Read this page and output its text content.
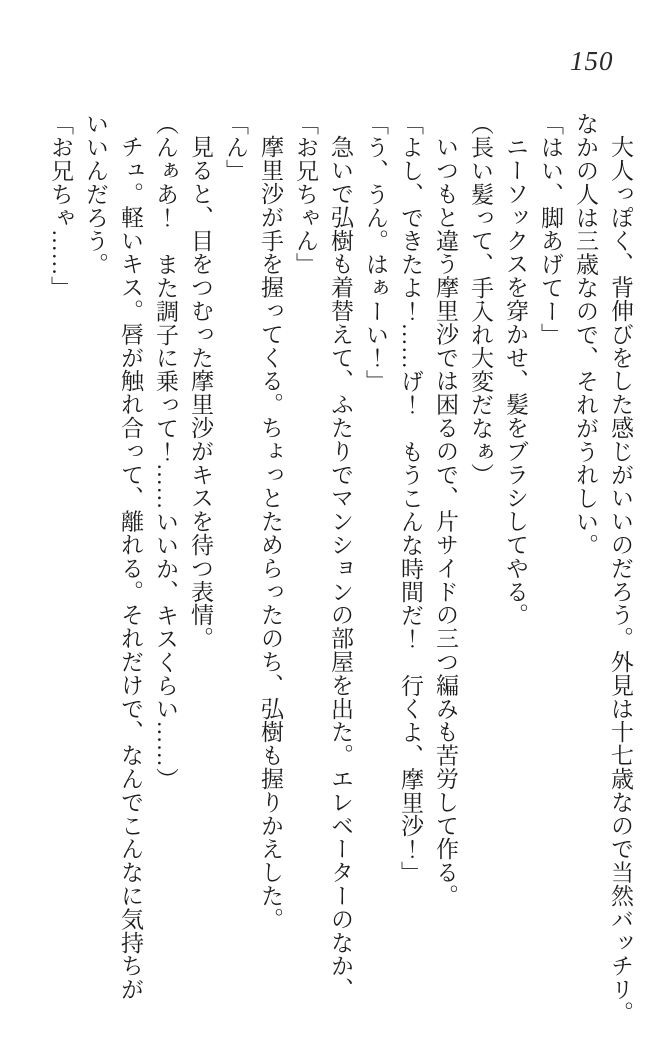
150
大人っぽく、背伸びをした感じがいいのだろう。外見は十七歳なので当然バッチリ。
なかの人は三歳なので、それがうれしい。
「はい、脚あげてー」
ニーソックスを穿かせ、髪をブラシしてやる。
（長い髪って、手入れ大変だなぁ）
いつもと違う摩里沙では困るので、片サイドの三つ編みも苦労して作る。
「よし、できたよ！……げ！　もうこんな時間だ！　行くよ、摩里沙！」
「う、うん。はぁーい！」
急いで弘樹も着替えて、ふたりでマンションの部屋を出た。エレベーターのなか、
「お兄ちゃん」
摩里沙が手を握ってくる。ちょっとためらったのち、弘樹も握りかえした。
「ん」
見ると、目をつむった摩里沙がキスを待つ表情。
（んぁあ！　また調子に乗って！……いいか、キスくらい……）
チュ。軽いキス。唇が触れ合って、離れる。それだけで、なんでこんなに気持ちが
いいんだろう。
「お兄ちゃ……」
